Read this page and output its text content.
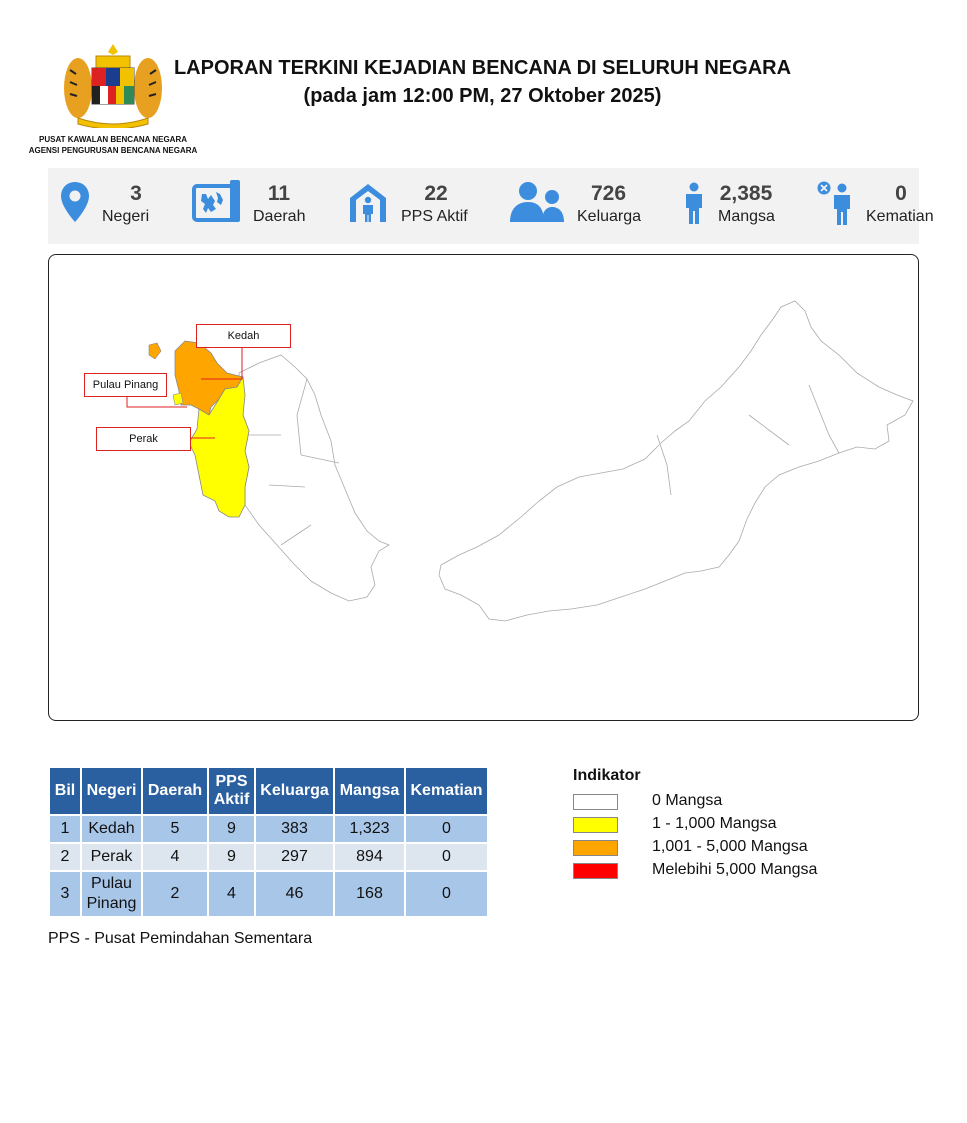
PUSAT KAWALAN BENCANA NEGARA
AGENSI PENGURUSAN BENCANA NEGARA
LAPORAN TERKINI KEJADIAN BENCANA DI SELURUH NEGARA
(pada jam 12:00 PM, 27 Oktober 2025)
3
Negeri
11
Daerah
22
PPS Aktif
726
Keluarga
2,385
Mangsa
0
Kematian
Kedah
Pulau Pinang
Perak
Bil	Negeri	Daerah	PPS Aktif	Keluarga	Mangsa	Kematian
1	Kedah	5	9	383	1,323	0
2	Perak	4	9	297	894	0
3	Pulau Pinang	2	4	46	168	0
PPS - Pusat Pemindahan Sementara
Indikator
0 Mangsa
1 - 1,000 Mangsa
1,001 - 5,000 Mangsa
Melebihi 5,000 Mangsa
